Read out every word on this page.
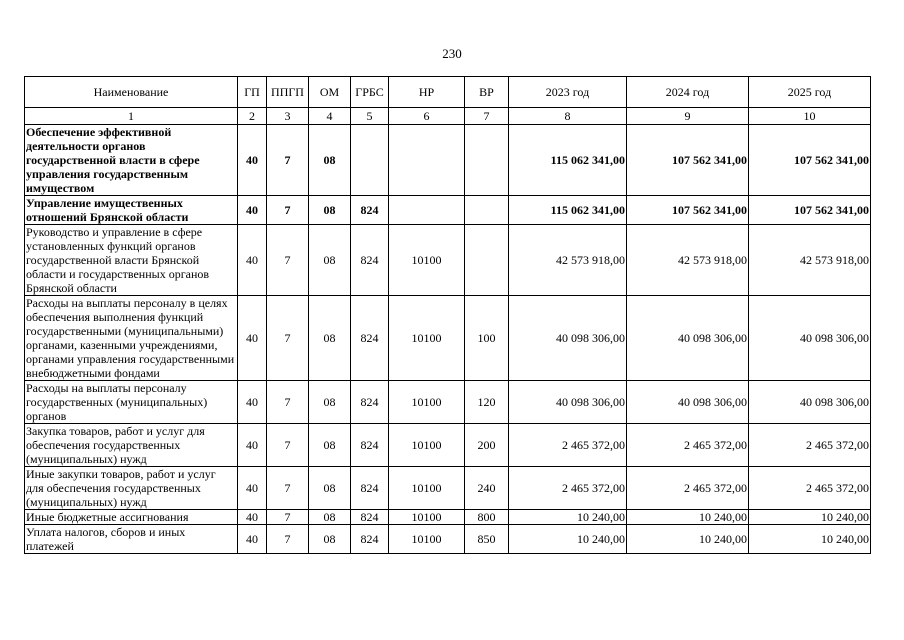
230
Наименование	ГП	ППГП	ОМ	ГРБС	НР	ВР	2023 год	2024 год	2025 год
1	2	3	4	5	6	7	8	9	10
Обеспечение эффективной деятельности органов государственной власти в сфере управления государственным имуществом	40	7	08				115 062 341,00	107 562 341,00	107 562 341,00
Управление имущественных отношений Брянской области	40	7	08	824			115 062 341,00	107 562 341,00	107 562 341,00
Руководство и управление в сфере установленных функций органов государственной власти Брянской области и государственных органов Брянской области	40	7	08	824	10100		42 573 918,00	42 573 918,00	42 573 918,00
Расходы на выплаты персоналу в целях обеспечения выполнения функций государственными (муниципальными) органами, казенными учреждениями, органами управления государственными внебюджетными фондами	40	7	08	824	10100	100	40 098 306,00	40 098 306,00	40 098 306,00
Расходы на выплаты персоналу государственных (муниципальных) органов	40	7	08	824	10100	120	40 098 306,00	40 098 306,00	40 098 306,00
Закупка товаров, работ и услуг для обеспечения государственных (муниципальных) нужд	40	7	08	824	10100	200	2 465 372,00	2 465 372,00	2 465 372,00
Иные закупки товаров, работ и услуг для обеспечения государственных (муниципальных) нужд	40	7	08	824	10100	240	2 465 372,00	2 465 372,00	2 465 372,00
Иные бюджетные ассигнования	40	7	08	824	10100	800	10 240,00	10 240,00	10 240,00
Уплата налогов, сборов и иных платежей	40	7	08	824	10100	850	10 240,00	10 240,00	10 240,00
